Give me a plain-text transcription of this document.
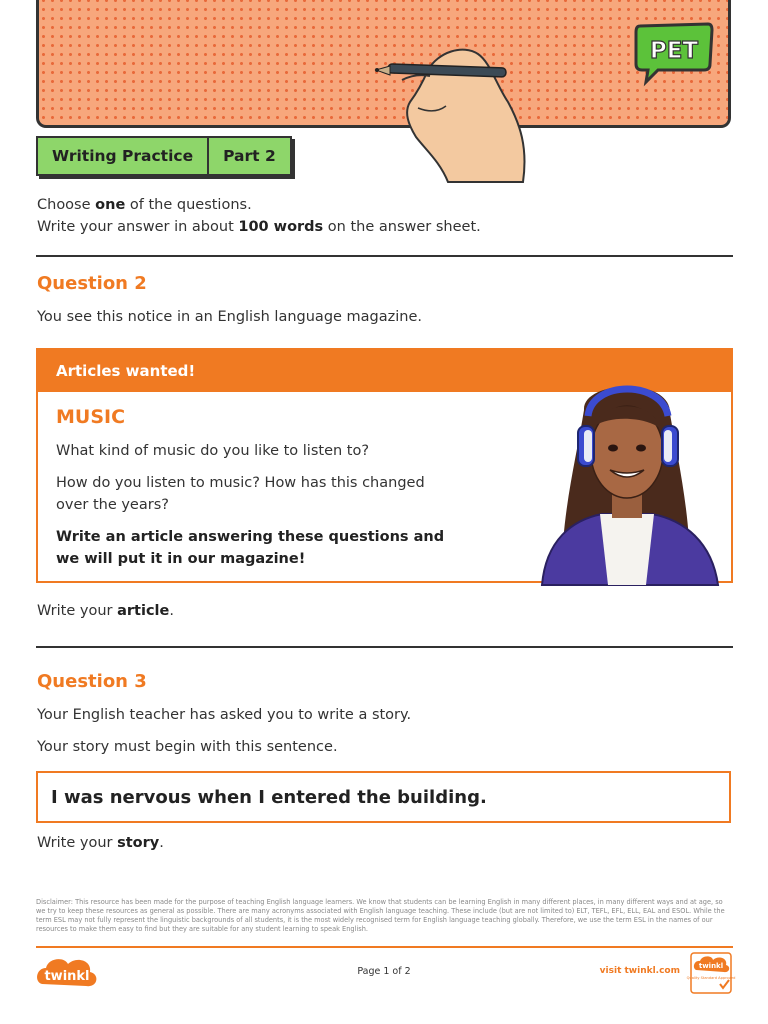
PET
Writing Practice	Part 2

Choose one of the questions.

Write your answer in about 100 words on the answer sheet.

Question 2
You see this notice in an English language magazine.
Articles wanted!
MUSIC
What kind of music do you like to listen to?
How do you listen to music? How has this changed over the years?
Write an article answering these questions and we will put it in our magazine!
Write your article.
Question 3
Your English teacher has asked you to write a story.
Your story must begin with this sentence.
I was nervous when I entered the building.
Write your story.
Disclaimer: This resource has been made for the purpose of teaching English language learners. We know that students can be learning English in many different places, in many different ways and at age, so we try to keep these resources as general as possible. There are many acronyms associated with English language teaching. These include (but are not limited to) ELT, TEFL, EFL, ELL, EAL and ESOL. While the term ESL may not fully represent the linguistic backgrounds of all students, it is the most widely recognised term for English language teaching globally. Therefore, we use the term ESL in the names of our resources to make them easy to find but they are suitable for any student learning to speak English.
twinkl	Page 1 of 2	visit twinkl.com	twinkl
Quality Standard Approved
